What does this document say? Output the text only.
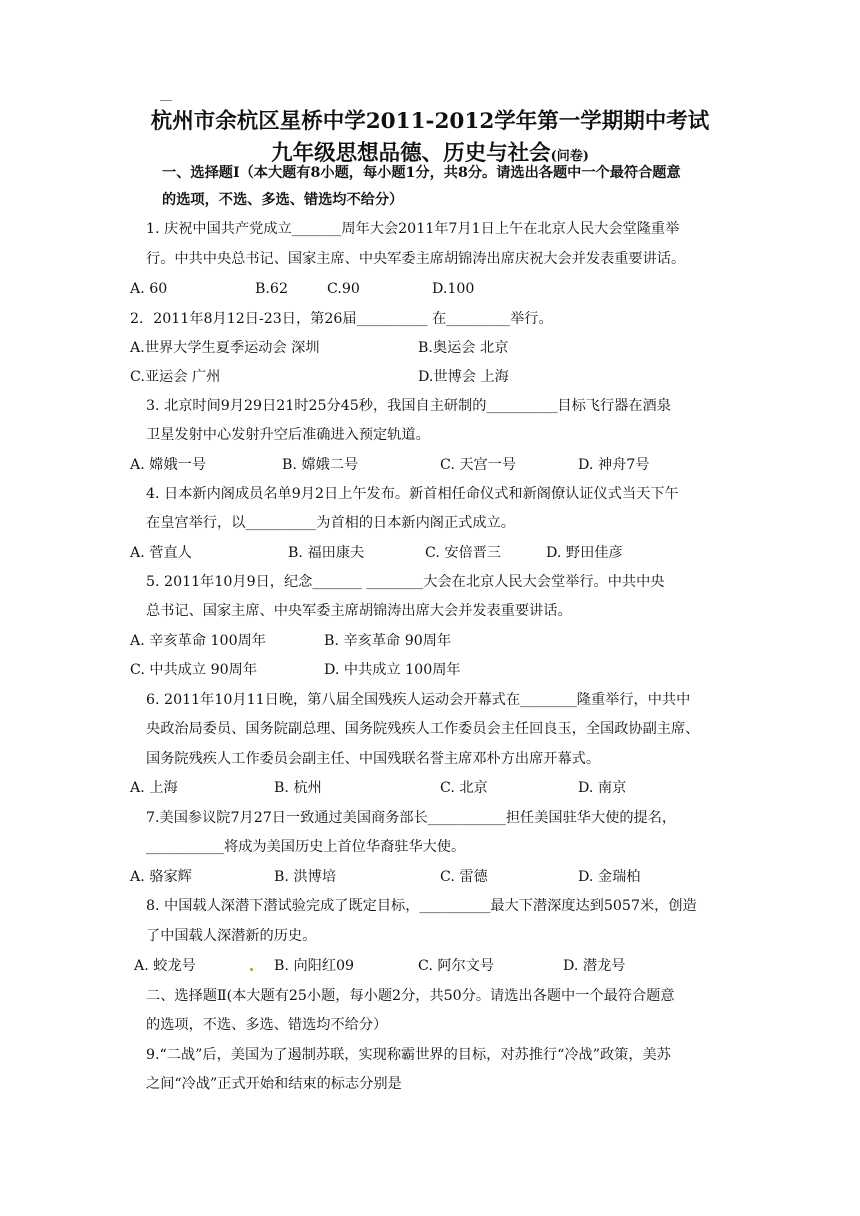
杭州市余杭区星桥中学2011-2012学年第一学期期中考试
九年级思想品德、历史与社会(问卷)
一、选择题Ⅰ（本大题有8小题，每小题1分，共8分。请选出各题中一个最符合题意
的选项，不选、多选、错选均不给分）
1. 庆祝中国共产党成立_______周年大会2011年7月1日上午在北京人民大会堂隆重举
行。中共中央总书记、国家主席、中央军委主席胡锦涛出席庆祝大会并发表重要讲话。
A. 60	B.62	C.90	D.100
2．2011年8月12日-23日，第26届__________ 在_________举行。
A.世界大学生夏季运动会 深圳	B.奥运会 北京
C.亚运会 广州	D.世博会 上海
3. 北京时间9月29日21时25分45秒，我国自主研制的__________目标飞行器在酒泉
卫星发射中心发射升空后准确进入预定轨道。
A. 嫦娥一号	B. 嫦娥二号	C. 天宫一号	D. 神舟7号
4. 日本新内阁成员名单9月2日上午发布。新首相任命仪式和新阁僚认证仪式当天下午
在皇宫举行，以__________为首相的日本新内阁正式成立。
A. 菅直人	B. 福田康夫	C. 安倍晋三	D. 野田佳彦
5. 2011年10月9日，纪念_______ ________大会在北京人民大会堂举行。中共中央
总书记、国家主席、中央军委主席胡锦涛出席大会并发表重要讲话。
A. 辛亥革命 100周年	B. 辛亥革命 90周年
C. 中共成立 90周年	D. 中共成立 100周年
6. 2011年10月11日晚，第八届全国残疾人运动会开幕式在________隆重举行，中共中
央政治局委员、国务院副总理、国务院残疾人工作委员会主任回良玉，全国政协副主席、
国务院残疾人工作委员会副主任、中国残联名誉主席邓朴方出席开幕式。
A. 上海	B. 杭州	C. 北京	D. 南京
7.美国参议院7月27日一致通过美国商务部长___________担任美国驻华大使的提名，
___________将成为美国历史上首位华裔驻华大使。
A. 骆家辉	B. 洪博培	C. 雷德	D. 金瑞柏
8. 中国载人深潜下潜试验完成了既定目标，__________最大下潜深度达到5057米，创造
了中国载人深潜新的历史。
A. 蛟龙号	B. 向阳红09	C. 阿尔文号	D. 潜龙号
二、选择题Ⅱ(本大题有25小题，每小题2分，共50分。请选出各题中一个最符合题意
的选项，不选、多选、错选均不给分）
9.“二战”后，美国为了遏制苏联，实现称霸世界的目标，对苏推行“冷战”政策，美苏
之间“冷战”正式开始和结束的标志分别是
